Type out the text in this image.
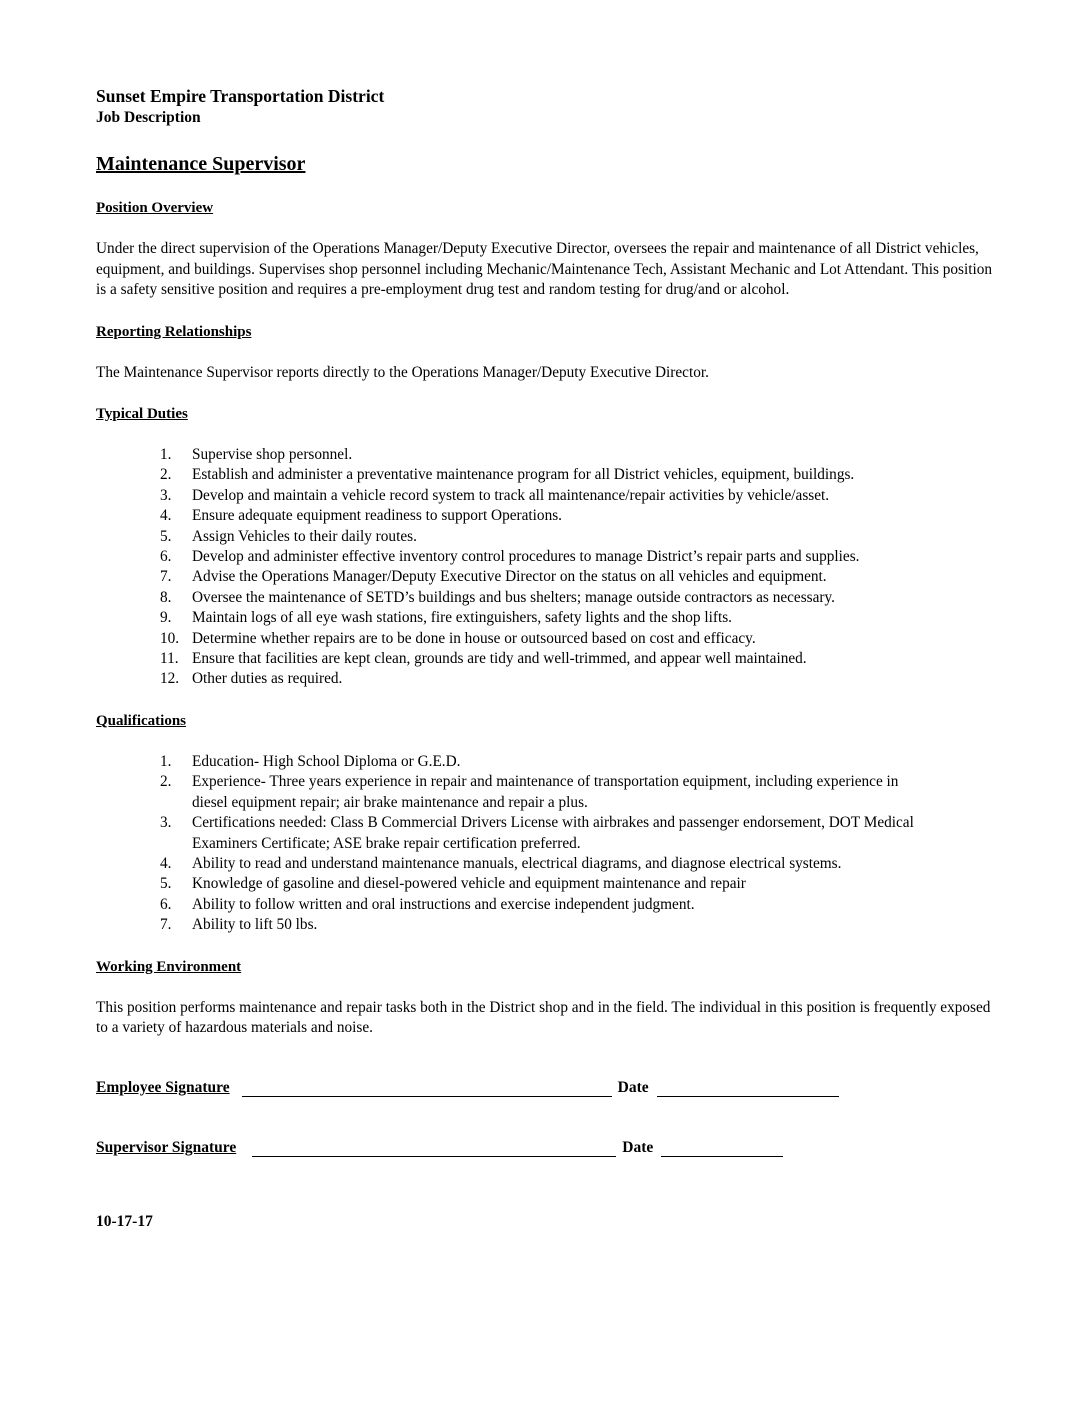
Sunset Empire Transportation District

Job Description

Maintenance Supervisor

Position Overview

Under the direct supervision of the Operations Manager/Deputy Executive Director, oversees the repair and maintenance of all District vehicles, equipment, and buildings. Supervises shop personnel including Mechanic/Maintenance Tech, Assistant Mechanic and Lot Attendant. This position is a safety sensitive position and requires a pre-employment drug test and random testing for drug/and or alcohol.

Reporting Relationships

The Maintenance Supervisor reports directly to the Operations Manager/Deputy Executive Director.

Typical Duties

1.	Supervise shop personnel.
2.	Establish and administer a preventative maintenance program for all District vehicles, equipment, buildings.
3.	Develop and maintain a vehicle record system to track all maintenance/repair activities by vehicle/asset.
4.	Ensure adequate equipment readiness to support Operations.
5.	Assign Vehicles to their daily routes.
6.	Develop and administer effective inventory control procedures to manage District’s repair parts and supplies.
7.	Advise the Operations Manager/Deputy Executive Director on the status on all vehicles and equipment.
8.	Oversee the maintenance of SETD’s buildings and bus shelters; manage outside contractors as necessary.
9.	Maintain logs of all eye wash stations, fire extinguishers, safety lights and the shop lifts.
10. Determine whether repairs are to be done in house or outsourced based on cost and efficacy.
11. Ensure that facilities are kept clean, grounds are tidy and well-trimmed, and appear well maintained.
12. Other duties as required.

Qualifications

1.	Education- High School Diploma or G.E.D.
2.	Experience- Three years experience in repair and maintenance of transportation equipment, including experience in diesel equipment repair; air brake maintenance and repair a plus.
3.	Certifications needed: Class B Commercial Drivers License with airbrakes and passenger endorsement, DOT Medical Examiners Certificate; ASE brake repair certification preferred.
4.	Ability to read and understand maintenance manuals, electrical diagrams, and diagnose electrical systems.
5.	Knowledge of gasoline and diesel-powered vehicle and equipment maintenance and repair
6.	Ability to follow written and oral instructions and exercise independent judgment.
7.	Ability to lift 50 lbs.

Working Environment

This position performs maintenance and repair tasks both in the District shop and in the field. The individual in this position is frequently exposed to a variety of hazardous materials and noise.

Employee Signature	Date
Supervisor Signature	Date

10-17-17
